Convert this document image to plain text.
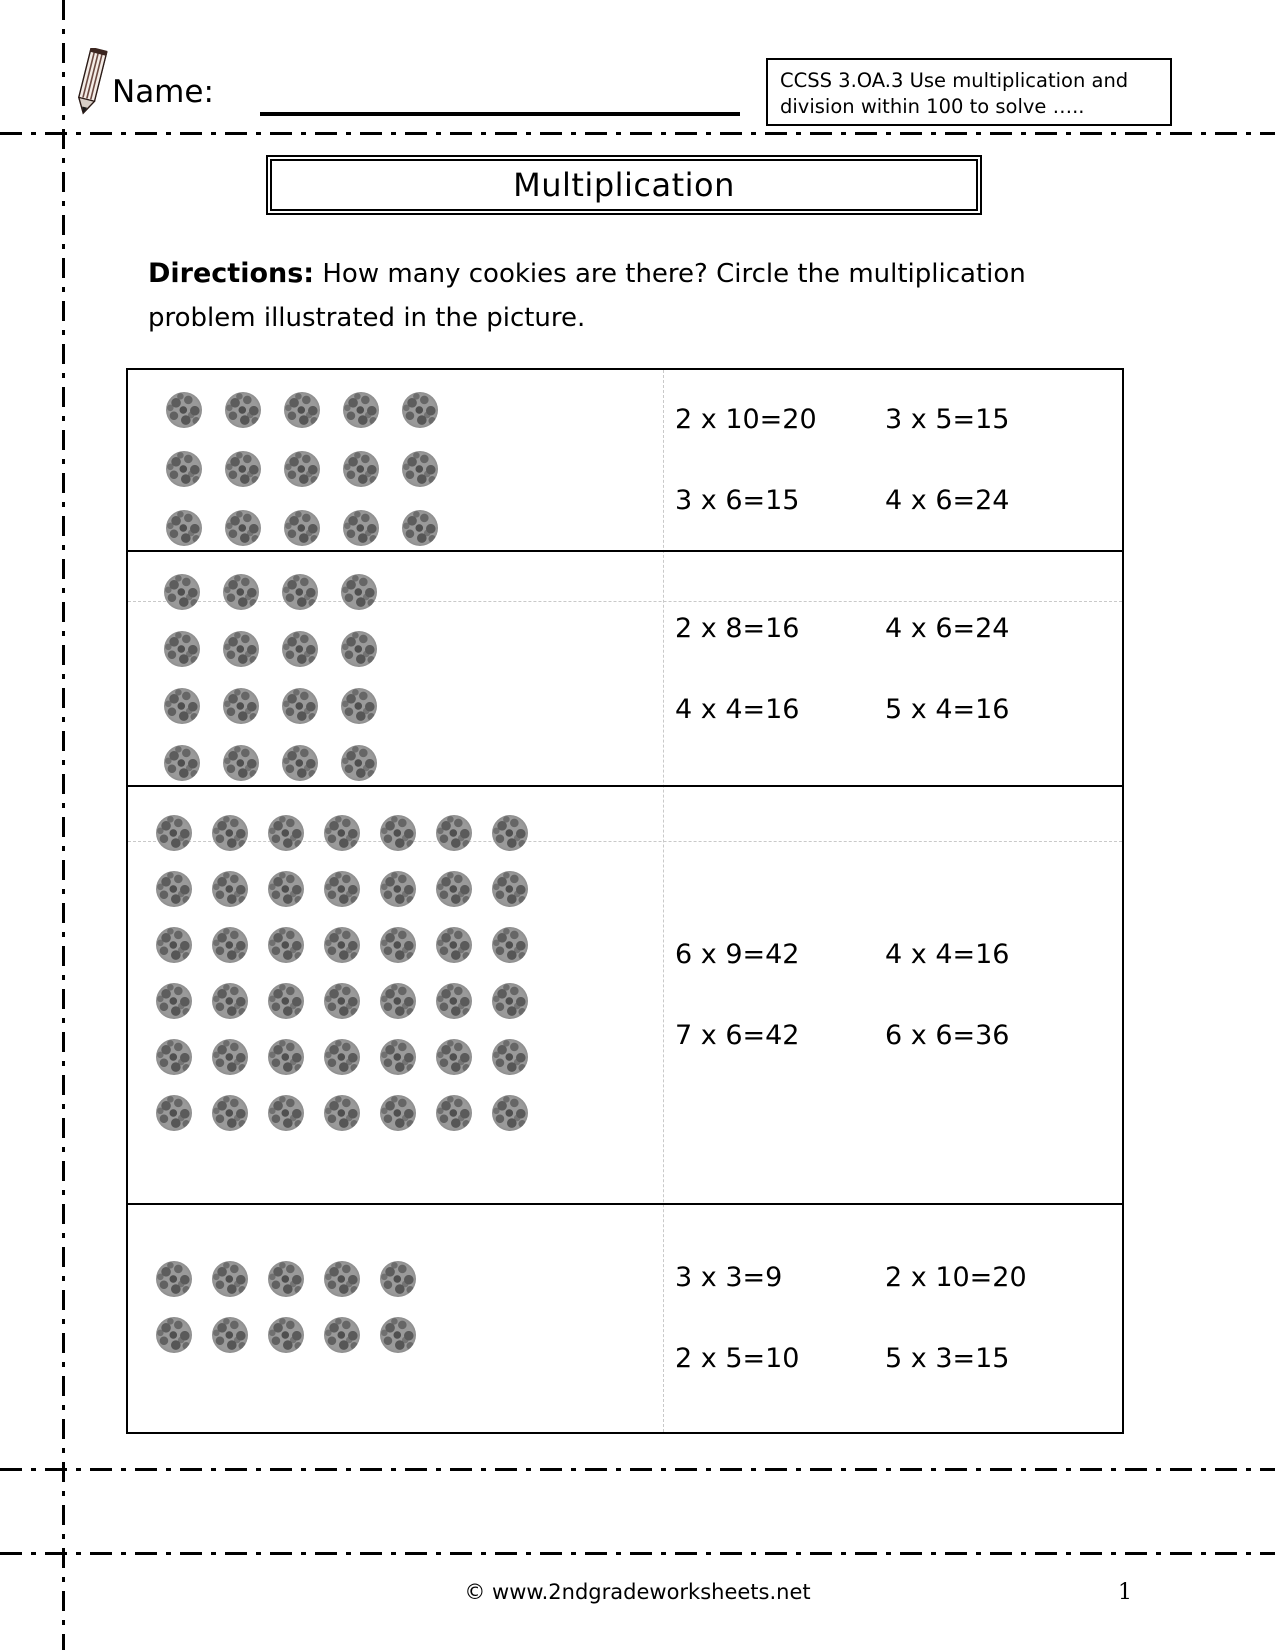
Name:	CCSS 3.OA.3 Use multiplication and
division within 100 to solve …..
Multiplication
Directions: How many cookies are there? Circle the multiplication problem illustrated in the picture.
2 x 10=20	3 x 5=15
3 x 6=15	4 x 6=24
2 x 8=16	4 x 6=24
4 x 4=16	5 x 4=16
6 x 9=42	4 x 4=16
7 x 6=42	6 x 6=36
3 x 3=9	2 x 10=20
2 x 5=10	5 x 3=15
© www.2ndgradeworksheets.net	1
